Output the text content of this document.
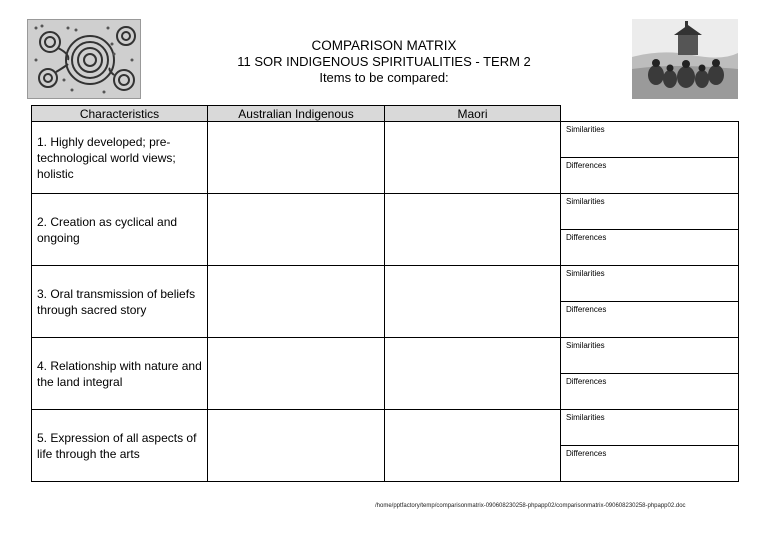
COMPARISON MATRIX
11 SOR INDIGENOUS SPIRITUALITIES - TERM 2
Items to be compared:
Characteristics	Australian Indigenous	Maori	
1. Highly developed; pre-technological world views; holistic			Similarities
			Differences
2. Creation as cyclical and ongoing			Similarities
			Differences
3. Oral transmission of beliefs through sacred story			Similarities
			Differences
4. Relationship with nature and the land integral			Similarities
			Differences
5. Expression of all aspects of life through the arts			Similarities
			Differences
/home/pptfactory/temp/comparisonmatrix-090608230258-phpapp02/comparisonmatrix-090608230258-phpapp02.doc
